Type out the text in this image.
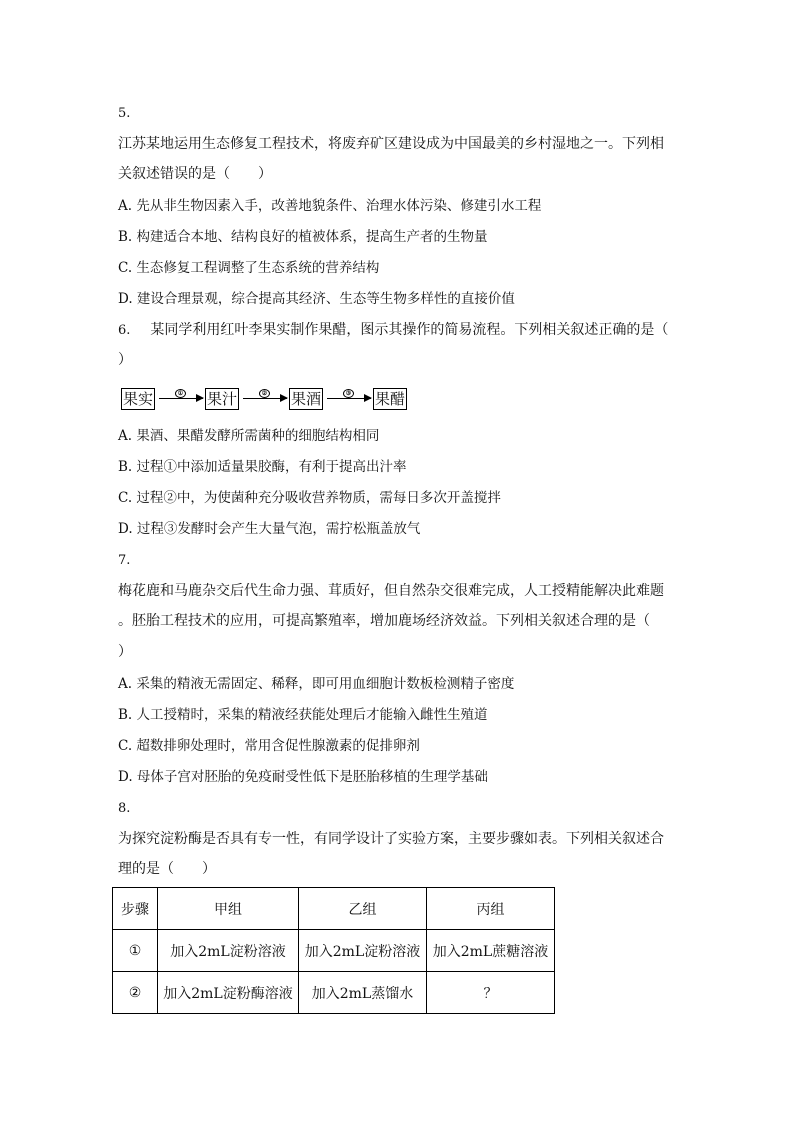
5.
江苏某地运用生态修复工程技术，将废弃矿区建设成为中国最美的乡村湿地之一。下列相
关叙述错误的是（　　）
A. 先从非生物因素入手，改善地貌条件、治理水体污染、修建引水工程
B. 构建适合本地、结构良好的植被体系，提高生产者的生物量
C. 生态修复工程调整了生态系统的营养结构
D. 建设合理景观，综合提高其经济、生态等生物多样性的直接价值
6. 某同学利用红叶李果实制作果醋，图示其操作的简易流程。下列相关叙述正确的是（
）
果实	① 果汁	② 果酒	③ 果醋
A. 果酒、果醋发酵所需菌种的细胞结构相同
B. 过程①中添加适量果胶酶，有利于提高出汁率
C. 过程②中，为使菌种充分吸收营养物质，需每日多次开盖搅拌
D. 过程③发酵时会产生大量气泡，需拧松瓶盖放气
7.
梅花鹿和马鹿杂交后代生命力强、茸质好，但自然杂交很难完成，人工授精能解决此难题
。胚胎工程技术的应用，可提高繁殖率，增加鹿场经济效益。下列相关叙述合理的是（
）
A. 采集的精液无需固定、稀释，即可用血细胞计数板检测精子密度
B. 人工授精时，采集的精液经获能处理后才能输入雌性生殖道
C. 超数排卵处理时，常用含促性腺激素的促排卵剂
D. 母体子宫对胚胎的免疫耐受性低下是胚胎移植的生理学基础
8.
为探究淀粉酶是否具有专一性，有同学设计了实验方案，主要步骤如表。下列相关叙述合
理的是（　　）
步骤	甲组	乙组	丙组
①	加入2mL淀粉溶液	加入2mL淀粉溶液	加入2mL蔗糖溶液
②	加入2mL淀粉酶溶液	加入2mL蒸馏水	？
